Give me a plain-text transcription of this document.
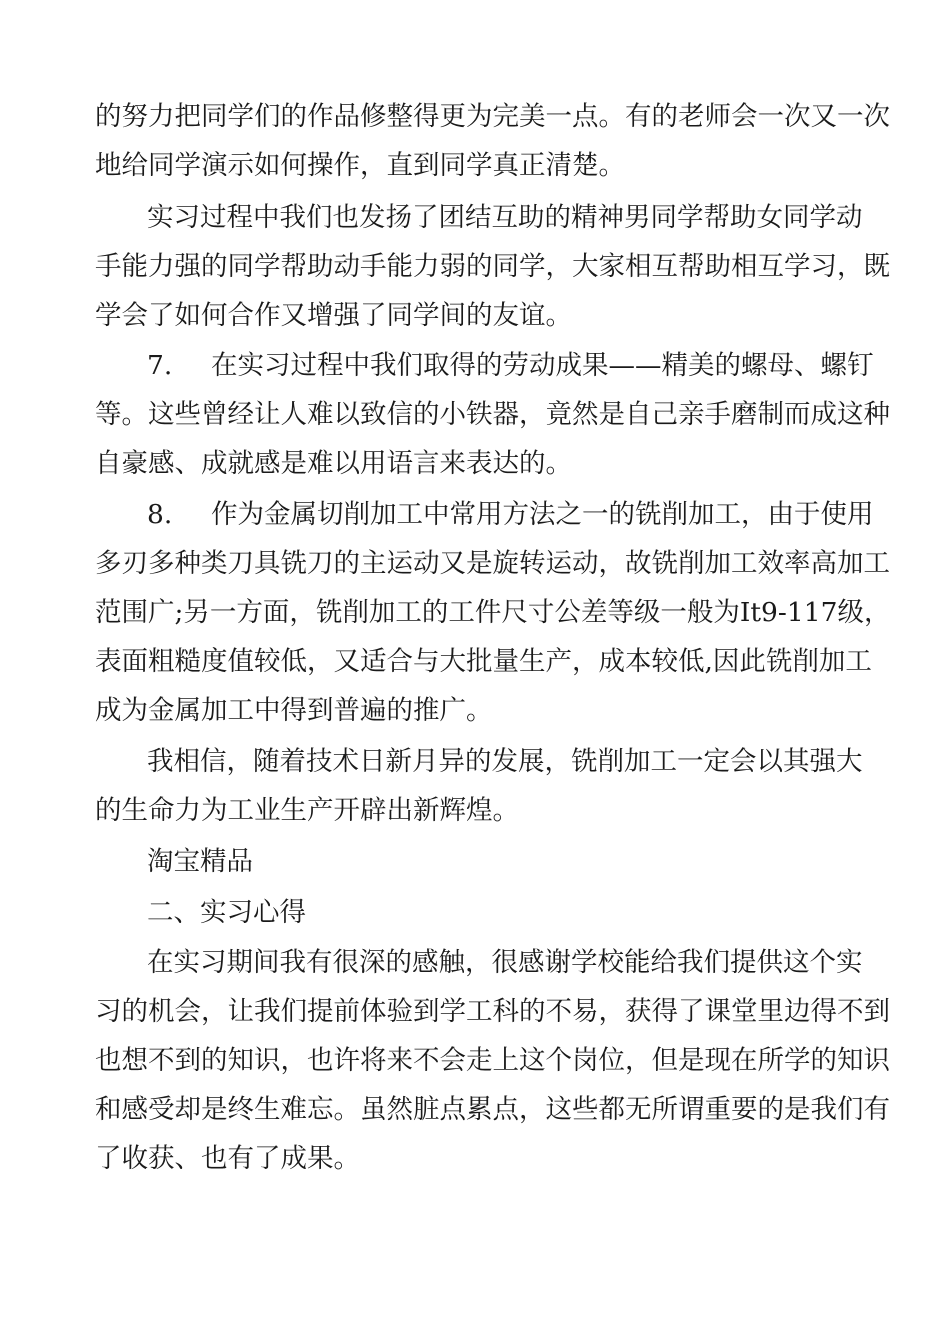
的努力把同学们的作品修整得更为完美一点。有的老师会一次又一次
地给同学演示如何操作，直到同学真正清楚。
实习过程中我们也发扬了团结互助的精神男同学帮助女同学动
手能力强的同学帮助动手能力弱的同学，大家相互帮助相互学习，既
学会了如何合作又增强了同学间的友谊。
7. 在实习过程中我们取得的劳动成果——精美的螺母、螺钉
等。这些曾经让人难以致信的小铁器，竟然是自己亲手磨制而成这种
自豪感、成就感是难以用语言来表达的。
8. 作为金属切削加工中常用方法之一的铣削加工，由于使用
多刃多种类刀具铣刀的主运动又是旋转运动，故铣削加工效率高加工
范围广;另一方面，铣削加工的工件尺寸公差等级一般为It9-117级，
表面粗糙度值较低，又适合与大批量生产，成本较低,因此铣削加工
成为金属加工中得到普遍的推广。
我相信，随着技术日新月异的发展，铣削加工一定会以其强大
的生命力为工业生产开辟出新辉煌。
淘宝精品
二、实习心得
在实习期间我有很深的感触，很感谢学校能给我们提供这个实
习的机会，让我们提前体验到学工科的不易，获得了课堂里边得不到
也想不到的知识，也许将来不会走上这个岗位，但是现在所学的知识
和感受却是终生难忘。虽然脏点累点，这些都无所谓重要的是我们有
了收获、也有了成果。
